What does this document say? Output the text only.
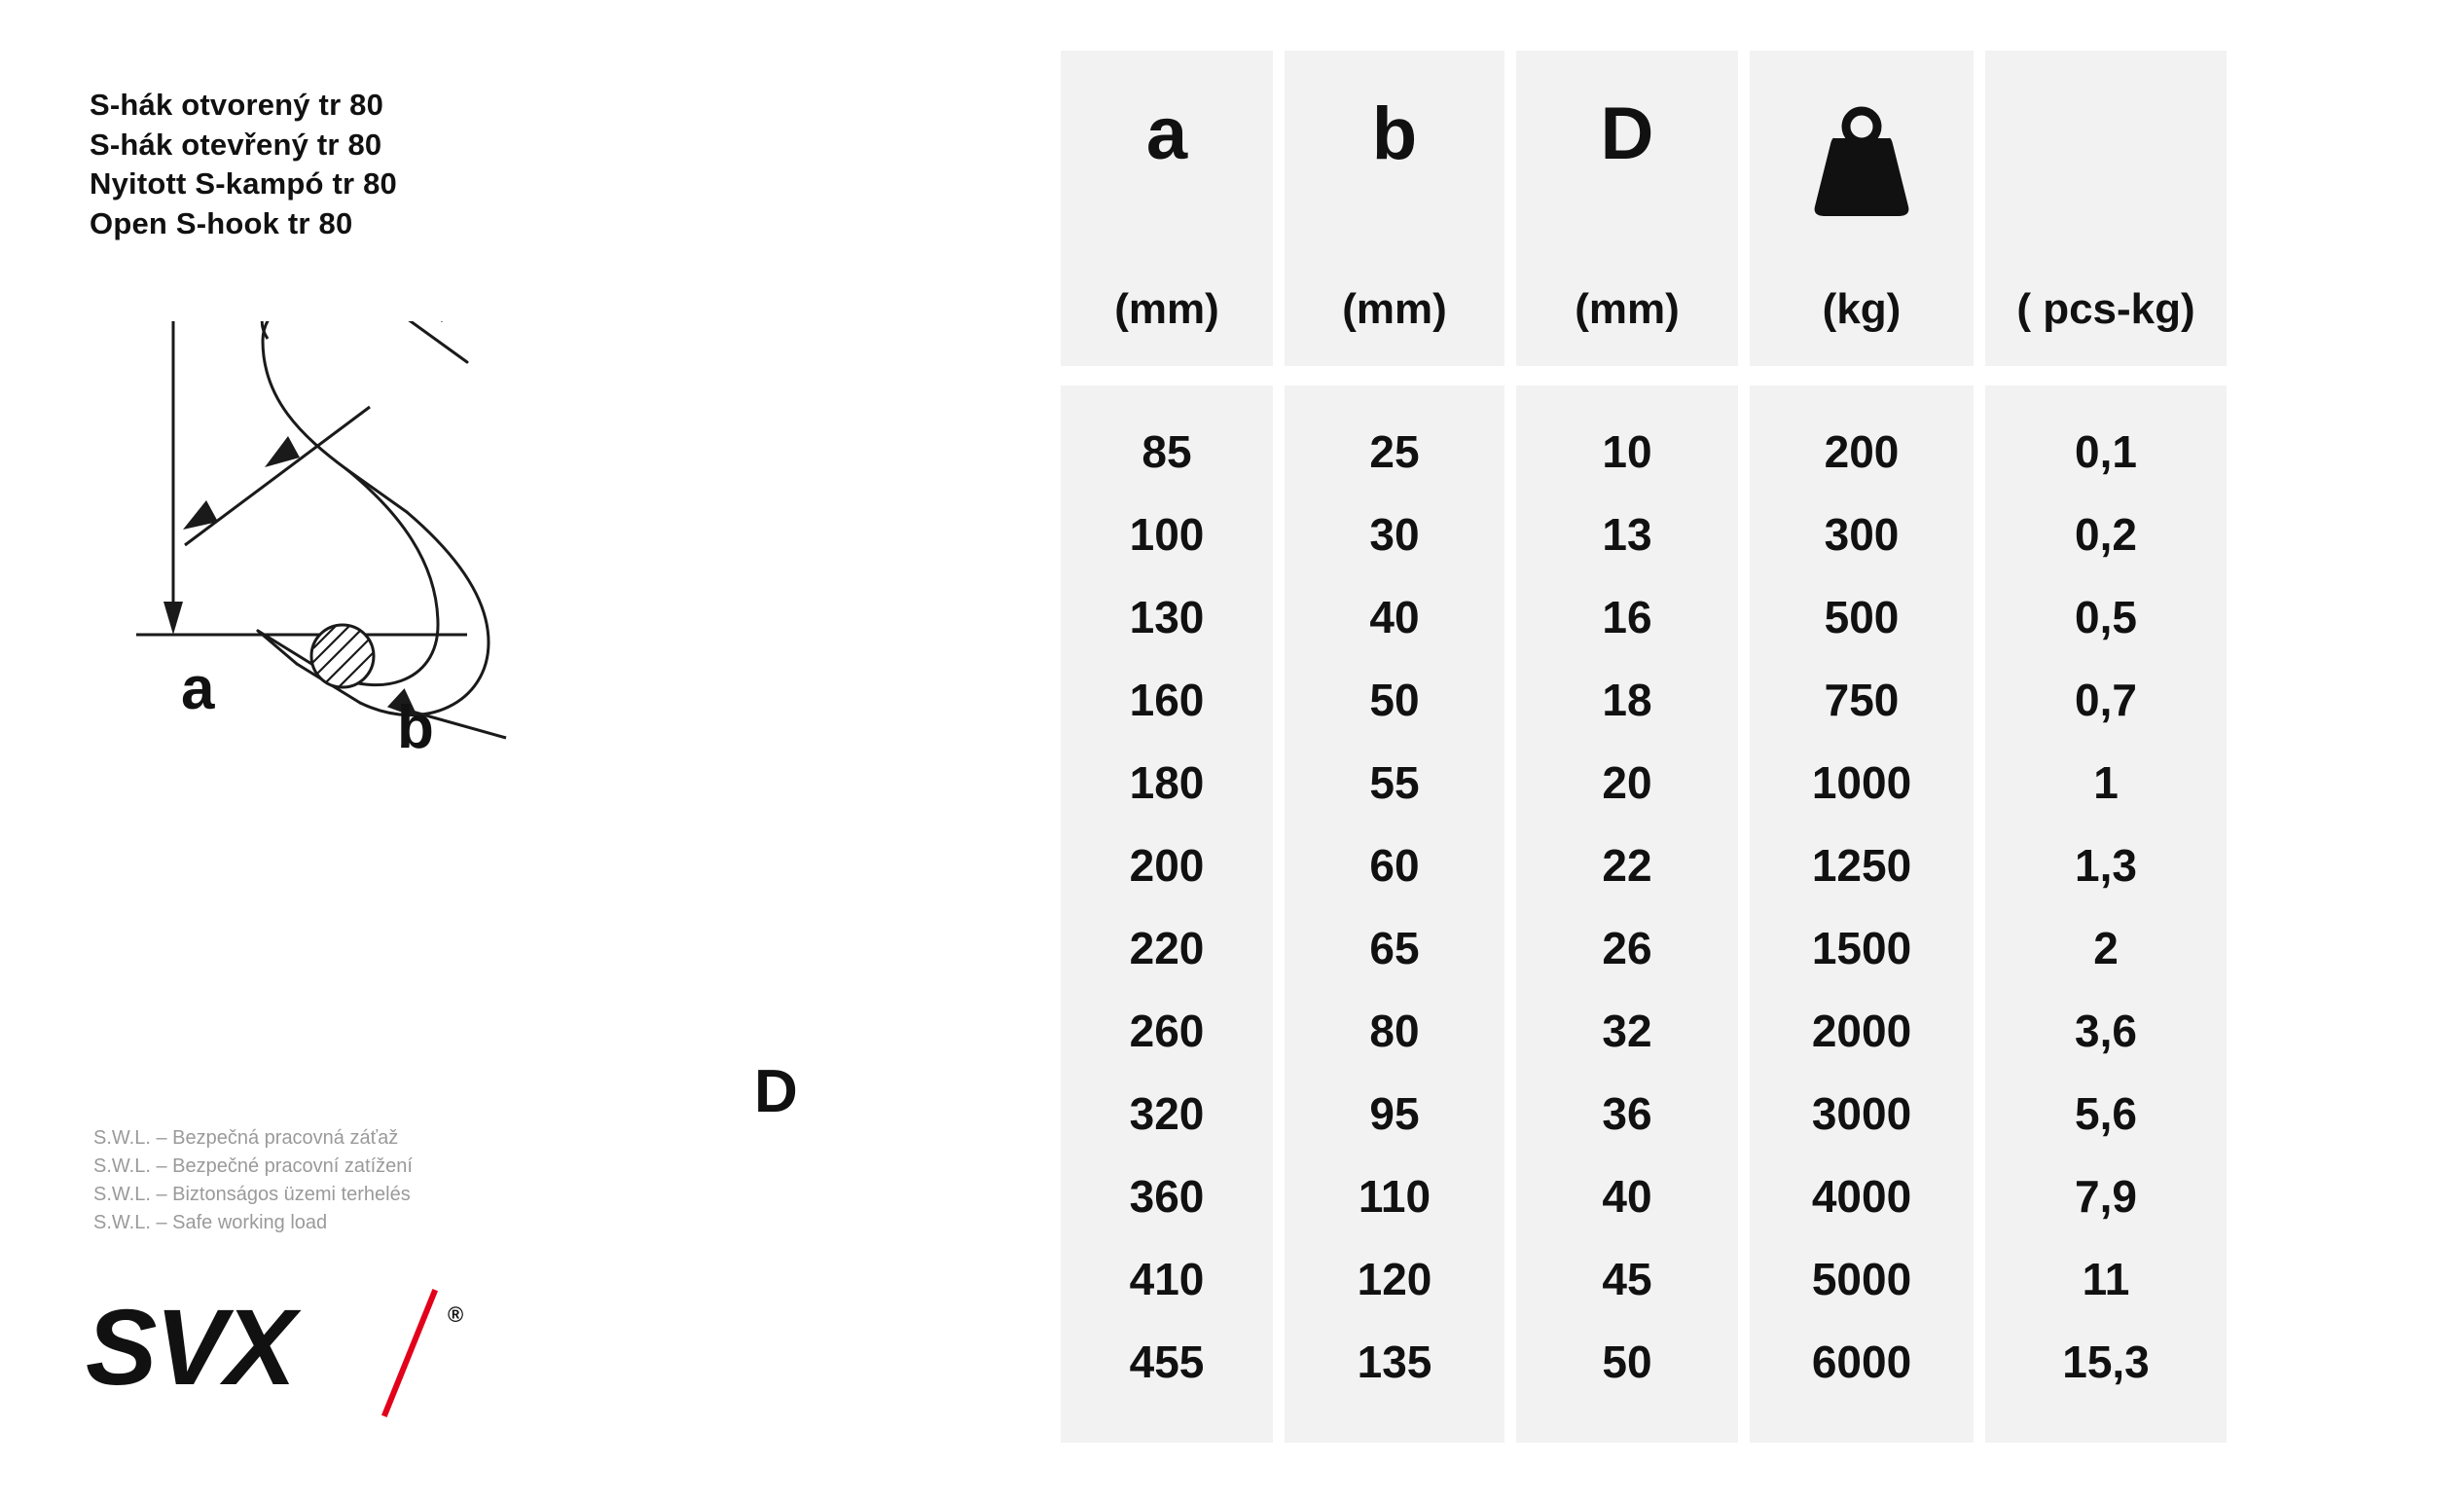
S-hák otvorený tr 80
S-hák otevřený tr 80
Nyitott S-kampó tr 80
Open S-hook tr 80
a
b
D
S.W.L. – Bezpečná pracovná záťaž
S.W.L. – Bezpečné pracovní zatížení
S.W.L. – Biztonságos üzemi terhelés
S.W.L. – Safe working load
SVX	®
a
(mm)
85
100
130
160
180
200
220
260
320
360
410
455
b
(mm)
25
30
40
50
55
60
65
80
95
110
120
135
D
(mm)
10
13
16
18
20
22
26
32
36
40
45
50
(kg)
200
300
500
750
1000
1250
1500
2000
3000
4000
5000
6000
( pcs-kg)
0,1
0,2
0,5
0,7
1
1,3
2
3,6
5,6
7,9
11
15,3
